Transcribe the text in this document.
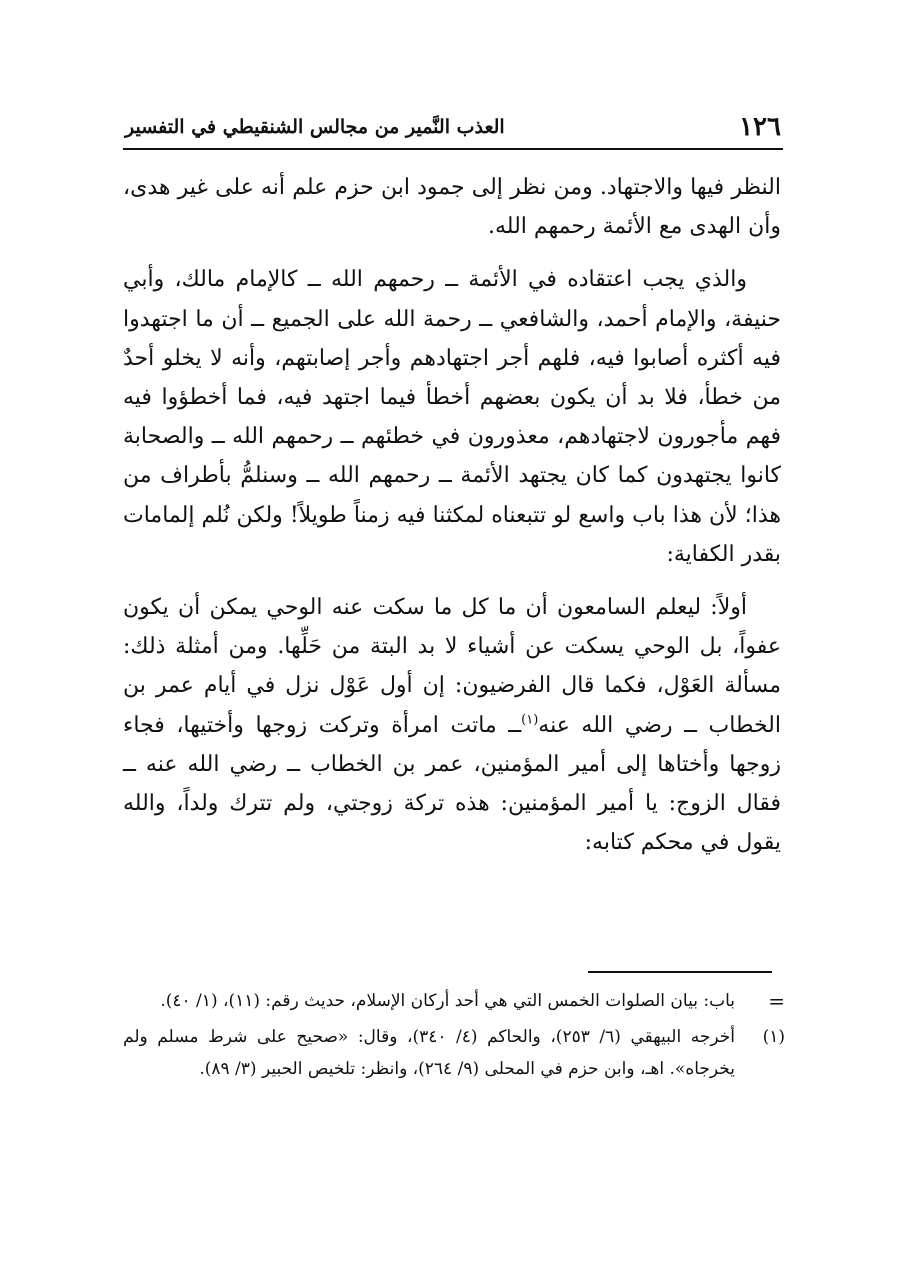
١٢٦
العذب النَّمير من مجالس الشنقيطي في التفسير

النظر فيها والاجتهاد. ومن نظر إلى جمود ابن حزم علم أنه على غير هدى، وأن الهدى مع الأئمة رحمهم الله.

والذي يجب اعتقاده في الأئمة ــ رحمهم الله ــ كالإمام مالك، وأبي حنيفة، والإمام أحمد، والشافعي ــ رحمة الله على الجميع ــ أن ما اجتهدوا فيه أكثره أصابوا فيه، فلهم أجر اجتهادهم وأجر إصابتهم، وأنه لا يخلو أحدٌ من خطأ، فلا بد أن يكون بعضهم أخطأ فيما اجتهد فيه، فما أخطؤوا فيه فهم مأجورون لاجتهادهم، معذورون في خطئهم ــ رحمهم الله ــ والصحابة كانوا يجتهدون كما كان يجتهد الأئمة ــ رحمهم الله ــ وسنلمُّ بأطراف من هذا؛ لأن هذا باب واسع لو تتبعناه لمكثنا فيه زمناً طويلاً! ولكن نُلم إلمامات بقدر الكفاية:

أولاً: ليعلم السامعون أن ما كل ما سكت عنه الوحي يمكن أن يكون عفواً، بل الوحي يسكت عن أشياء لا بد البتة من حَلِّها. ومن أمثلة ذلك: مسألة العَوْل، فكما قال الفرضيون: إن أول عَوْل نزل في أيام عمر بن الخطاب ــ رضي الله عنه$^{(١)}$ــ ماتت امرأة وتركت زوجها وأختيها، فجاء زوجها وأختاها إلى أمير المؤمنين، عمر بن الخطاب ــ رضي الله عنه ــ فقال الزوج: يا أمير المؤمنين: هذه تركة زوجتي، ولم تترك ولداً، والله يقول في محكم كتابه:

=
باب: بيان الصلوات الخمس التي هي أحد أركان الإسلام، حديث رقم: (١١)، (١/ ٤٠).
(١)
أخرجه البيهقي (٦/ ٢٥٣)، والحاكم (٤/ ٣٤٠)، وقال: «صحيح على شرط مسلم ولم يخرجاه». اهـ، وابن حزم في المحلى (٩/ ٢٦٤)، وانظر: تلخيص الحبير (٣/ ٨٩).
